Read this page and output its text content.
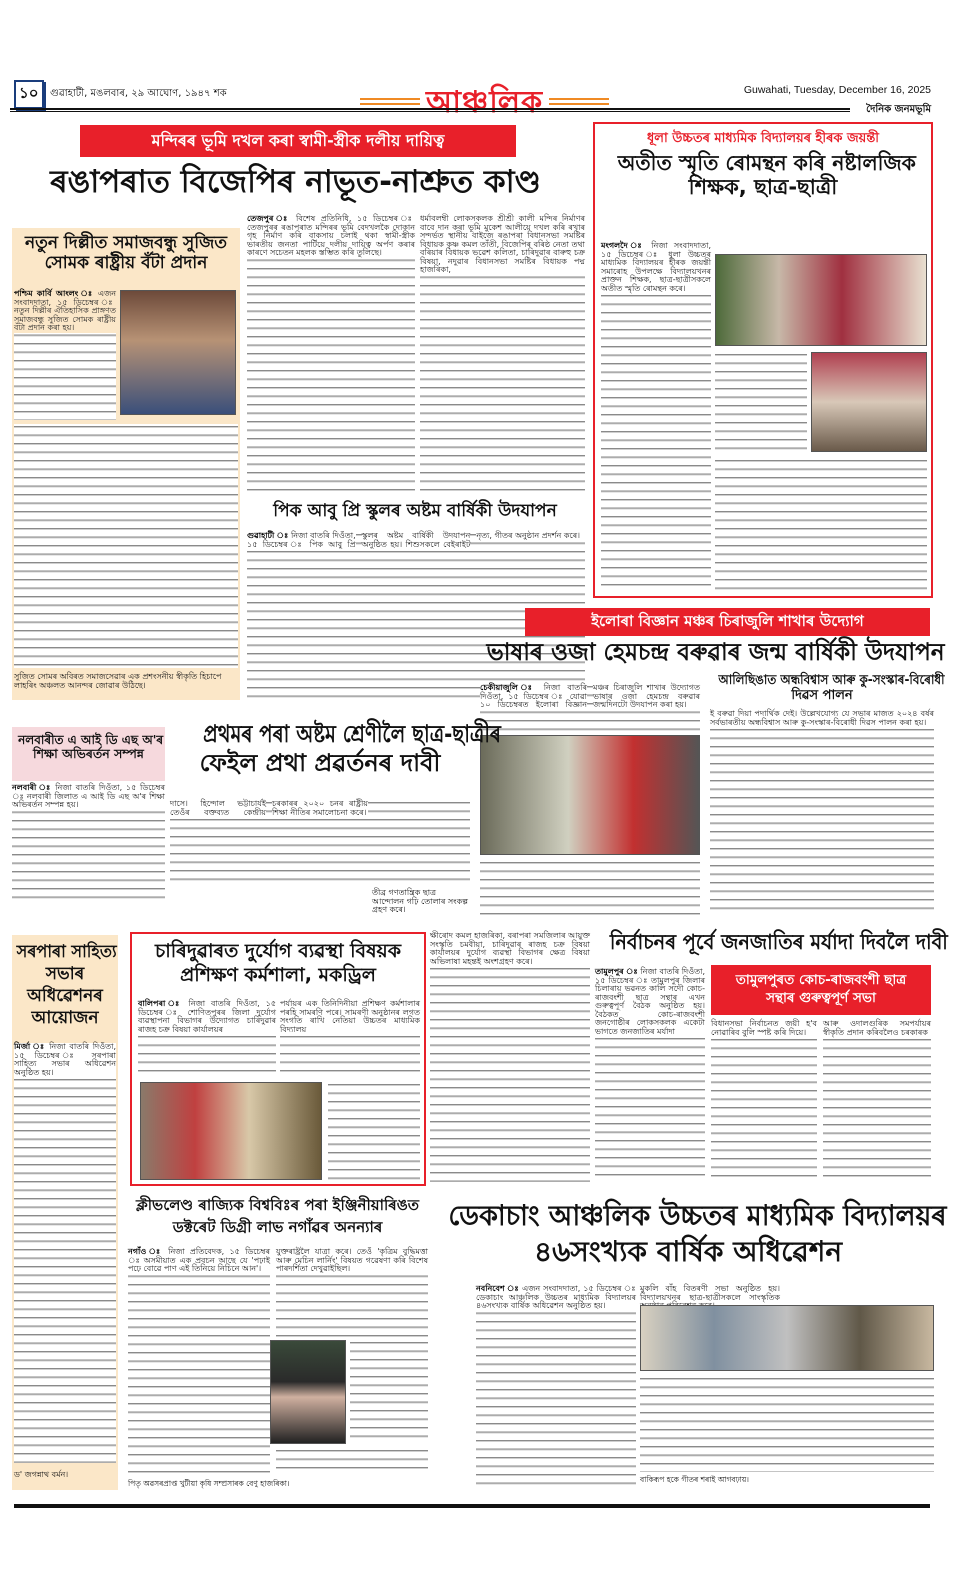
১০	গুৱাহাটী, মঙলবাৰ, ২৯ আঘোণ, ১৯৪৭ শক	আঞ্চলিক	Guwahati, Tuesday, December 16, 2025
দৈনিক জনমভূমি
মন্দিৰৰ ভূমি দখল কৰা স্বামী-স্ত্ৰীক দলীয় দায়িত্ব
ৰঙাপৰাত বিজেপিৰ নাভূত-নাশ্ৰুত কাণ্ড

তেজপুৰ ঃ বিশেষ প্ৰতিনিধি, ১৫ ডিচেম্বৰ ঃ তেজপুৰৰ ৰঙাপৰাত মন্দিৰৰ ভূমি বেদখলকৈ দোকান গৃহ নিৰ্মাণ কৰি বাকসায় চলাই থকা স্বামী-স্ত্ৰীক ভাৰতীয় জনতা পাৰ্টিয়ে দলীয় দায়িত্ব অৰ্পণ কৰাৰ কাৰণে সচেতন মহলক স্তম্ভিত কৰি তুলিছে।

ধৰ্মাবলম্বী লোকসকলক শ্ৰীশ্ৰী কালী মন্দিৰ নিৰ্মাণৰ বাবে দান কৰা ভূমি মুকেশ আলীয়ে দখল কৰি ৰখাৰ সন্দৰ্ভত স্থানীয় বাইজে ৰঙাপৰা বিধানসভা সমষ্টিৰ বিধায়ক কৃষ্ণ কমল তাঁতী, বিজেপিৰ বৰিষ্ঠ নেতা তথা বৰিয়াৰ বিধায়ক ভৱেশ কলিতা, চাৰিদুৱাৰ বাৰুহু চক্ৰ বিষয়া, নদুৱাৰ বিধানসভা সমষ্টিৰ বিধায়ক পদ্ম হাজৰিকা,

নতুন দিল্লীত সমাজবন্ধু সুজিত
সোমক ৰাষ্ট্ৰীয় বঁটা প্ৰদান

পশ্চিম কাৰ্বি আংলং ঃ এজন সংবাদদাতা, ১৫ ডিচেম্বৰ ঃ নতুন দিল্লীৰ ঐতিহাসিক প্ৰাঙ্গণত সমাজবন্ধু সুজিত সোমক ৰাষ্ট্ৰীয় বঁটা প্ৰদান কৰা হয়।

সুজিত সোমৰ অবিৰত সমাজসেৱাৰ এক প্ৰশংসনীয় স্বীকৃতি হিচাপে লাহৰিং অঞ্চলত আনন্দৰ জোৱাৰ উঠিছে।
পিক আবু প্ৰি স্কুলৰ অষ্টম বাৰ্ষিকী উদযাপন

গুৱাহাটী ঃ নিজা বাতৰি দিওঁতা, ১৫ ডিচেম্বৰ ঃ পিক আবু প্ৰি স্কুলৰ অষ্টম বাৰ্ষিকী উদযাপন অনুষ্ঠিত হয়। শিশুসকলে বেইৰাইট নৃত্য, গীতৰ অনুষ্ঠান প্ৰদৰ্শন কৰে।

ধূলা উচ্চতৰ মাধ্যমিক বিদ্যালয়ৰ হীৰক জয়ন্তী
অতীত স্মৃতি ৰোমন্থন কৰি নষ্টালজিক
শিক্ষক, ছাত্ৰ-ছাত্ৰী

মংগলদৈ ঃ নিজা সংবাদদাতা, ১৫ ডিচেম্বৰ ঃ ধূলা উচ্চতৰ মাধ্যমিক বিদ্যালয়ৰ হীৰক জয়ন্তী সমাৰোহ উপলক্ষে বিদ্যালয়খনৰ প্ৰাক্তন শিক্ষক, ছাত্ৰ-ছাত্ৰীসকলে অতীত স্মৃতি ৰোমন্থন কৰে।

ইলোৰা বিজ্ঞান মঞ্চৰ চিৰাজুলি শাখাৰ উদ্যোগ
ভাষাৰ ওজা হেমচন্দ্ৰ বৰুৱাৰ জন্ম বাৰ্ষিকী উদযাপন

চেকীয়াজুলি ঃ নিজা বাতৰি দিওঁতা, ১৫ ডিচেম্বৰ ঃ যোৱা ১০ ডিচেম্বৰত ইলোৰা বিজ্ঞান মঞ্চৰ চিৰাজুলি শাখাৰ উদ্যোগত ভাষাৰ ওজা হেমচন্দ্ৰ বৰুৱাৰ জন্মদিনটো উদযাপন কৰা হয়।

আলিছিঙাত অন্ধবিশ্বাস আৰু কু-সংস্কাৰ-বিৰোধী
দিৱস পালন

ই বৰুৱা দিয়া পদাৰ্থিক দেই। উল্লেখযোগ্য যে সভাৰ মাজত ২০২৪ বৰ্ষৰ সৰ্বভাৰতীয় অন্ধবিশ্বাস আৰু কু-সংস্কাৰ-বিৰোধী দিৱস পালন কৰা হয়।

নলবাৰীত এ আই ডি এছ অ'ৰ
শিক্ষা অভিৰৰ্তন সম্পন্ন

নলবাৰী ঃ নিজা বাতৰি দিওঁতা, ১৫ ডিচেম্বৰ ঃ নলবাৰী জিলাত এ আই ডি এছ অ'ৰ শিক্ষা অভিৰৰ্তন সম্পন্ন হয়।

প্ৰথমৰ পৰা অষ্টম শ্ৰেণীলৈ ছাত্ৰ-ছাত্ৰীৰ
ফেইল প্ৰথা প্ৰৱৰ্তনৰ দাবী

দাসে। হিন্দোল ভট্টাচাৰ্যই তেওঁৰ বক্তব্যত কেন্দ্ৰীয় চৰকাৰৰ ২০২০ চনৰ ৰাষ্ট্ৰীয় শিক্ষা নীতিৰ সমালোচনা কৰে।

তীব্ৰ গণতান্ত্ৰিক ছাত্ৰ আন্দোলন গঢ়ি তোলাৰ সংকল্প গ্ৰহণ কৰে।
সৰপাৰা সাহিত্য
সভাৰ
অধিৱেশনৰ
আয়োজন

মিৰ্জা ঃ নিজা বাতৰি দিওঁতা, ১৫ ডিচেম্বৰ ঃ সৰপাৰা সাহিত্য সভাৰ অধিৱেশন অনুষ্ঠিত হয়।

ড' জগন্নাথ বৰ্মন।
চাৰিদুৱাৰত দুৰ্যোগ ব্যৱস্থা বিষয়ক
প্ৰশিক্ষণ কৰ্মশালা, মকড্ৰিল

বালিপৰা ঃ নিজা বাতৰি দিওঁতা, ১৫ ডিচেম্বৰ ঃ শোণিতপুৰৰ জিলা দুৰ্যোগ ব্যৱস্থাপনা বিভাগৰ উদ্যোগত চাৰিদুৱাৰ ৰাজহ চক্ৰ বিষয়া কাৰ্যালয়ৰ

পৰ্যায়ৰ এক তিনিদিনীয়া প্ৰশিক্ষণ কৰ্মশালাৰ পৰহি সামৰণি পৰে। সামৰণী অনুষ্ঠানৰ লগত সংগতি ৰাখি নেতিয়া উচ্চতৰ মাধ্যমিক বিদ্যালয়

ক্ষীৰোদ কমল হাজৰিকা, বৰাপৰা সমজিলাৰ আয়ুক্ত সংস্কৃতি চমবীয়া, চাৰিদুৱাৰ ৰাজহ চক্ৰ বিষয়া কাৰ্যালয়ৰ দুৰ্যোগ ব্যৱস্থা বিভাগৰ ক্ষেত্ৰ বিষয়া অভিলাষা মহন্তই অংশগ্ৰহণ কৰে।

নিৰ্বাচনৰ পূৰ্বে জনজাতিৰ মৰ্যাদা দিবলৈ দাবী

তামুলপুৰ ঃ নিজা বাতৰি দিওঁতা, ১৫ ডিচেম্বৰ ঃ তামুলপুৰ জিলাৰ চিলাৰায় ভৱনত কালি সদৌ কোচ-ৰাজবংশী ছাত্ৰ সন্থাৰ এখন গুৰুত্বপূৰ্ণ বৈঠক অনুষ্ঠিত হয়। বৈঠকত কোচ-ৰাজবংশী জনগোষ্ঠীৰ লোকসকলক একেটা ভাগতে জনজাতিৰ মৰ্যাদা

তামুলপুৰত কোচ-ৰাজবংশী ছাত্ৰ
সন্থাৰ গুৰুত্বপূৰ্ণ সভা

বিধানসভা নিৰ্বাচনত জয়ী হ'ব নোৱাৰিব বুলি স্পষ্ট কৰি দিয়ে।

আৰু ওদালগুৰিক সমপৰ্যায়ৰ স্বীকৃতি প্ৰদান কৰিবলৈও চৰকাৰক

ক্লীভলেণ্ড ৰাজ্যিক বিশ্ববিঃৰ পৰা ইঞ্জিনীয়াৰিঙত
ডক্টৰেট ডিগ্ৰী লাভ নগাঁৱৰ অনন্যাৰ

নগাঁও ঃ নিজা প্ৰতিবেদক, ১৫ ডিচেম্বৰ ঃ অসমীয়াত এক প্ৰবচন আছে যে 'পঢ়াই পঢ়ে বোৱে পাণ এই তিনিয়ে নিচিনে আন'।

যুক্তৰাষ্ট্ৰলৈ যাত্ৰা কৰে। তেওঁ 'কৃত্ৰিম বুদ্ধিমত্তা আৰু মেচিন লাৰ্নিং' বিষয়ত গৱেষণা কৰি বিশেষ পাৰদৰ্শিতা দেখুৱাইছিল।

পিতৃ অৱসৰপ্ৰাপ্ত খুটীয়া কৃষি সম্প্ৰসাৰক বেণু হাজৰিকা।
ডেকাচাং আঞ্চলিক উচ্চতৰ মাধ্যমিক বিদ্যালয়ৰ
৪৬সংখ্যক বাৰ্ষিক অধিৱেশন

নবনিবেশ ঃ এজন সংবাদদাতা, ১৫ ডিচেম্বৰ ঃ ডেকাচাং আঞ্চলিক উচ্চতৰ মাধ্যমিক বিদ্যালয়ৰ ৪৬সংখ্যক বাৰ্ষিক অধিৱেশন অনুষ্ঠিত হয়।

মুকলি বাঁহ বিতৰণী সভা অনুষ্ঠিত হয়। বিদ্যালয়খনৰ ছাত্ৰ-ছাত্ৰীসকলে সাংস্কৃতিক

বাকিৰূপ হকে গীতৰ শৰাই আগবঢ়ায়।
